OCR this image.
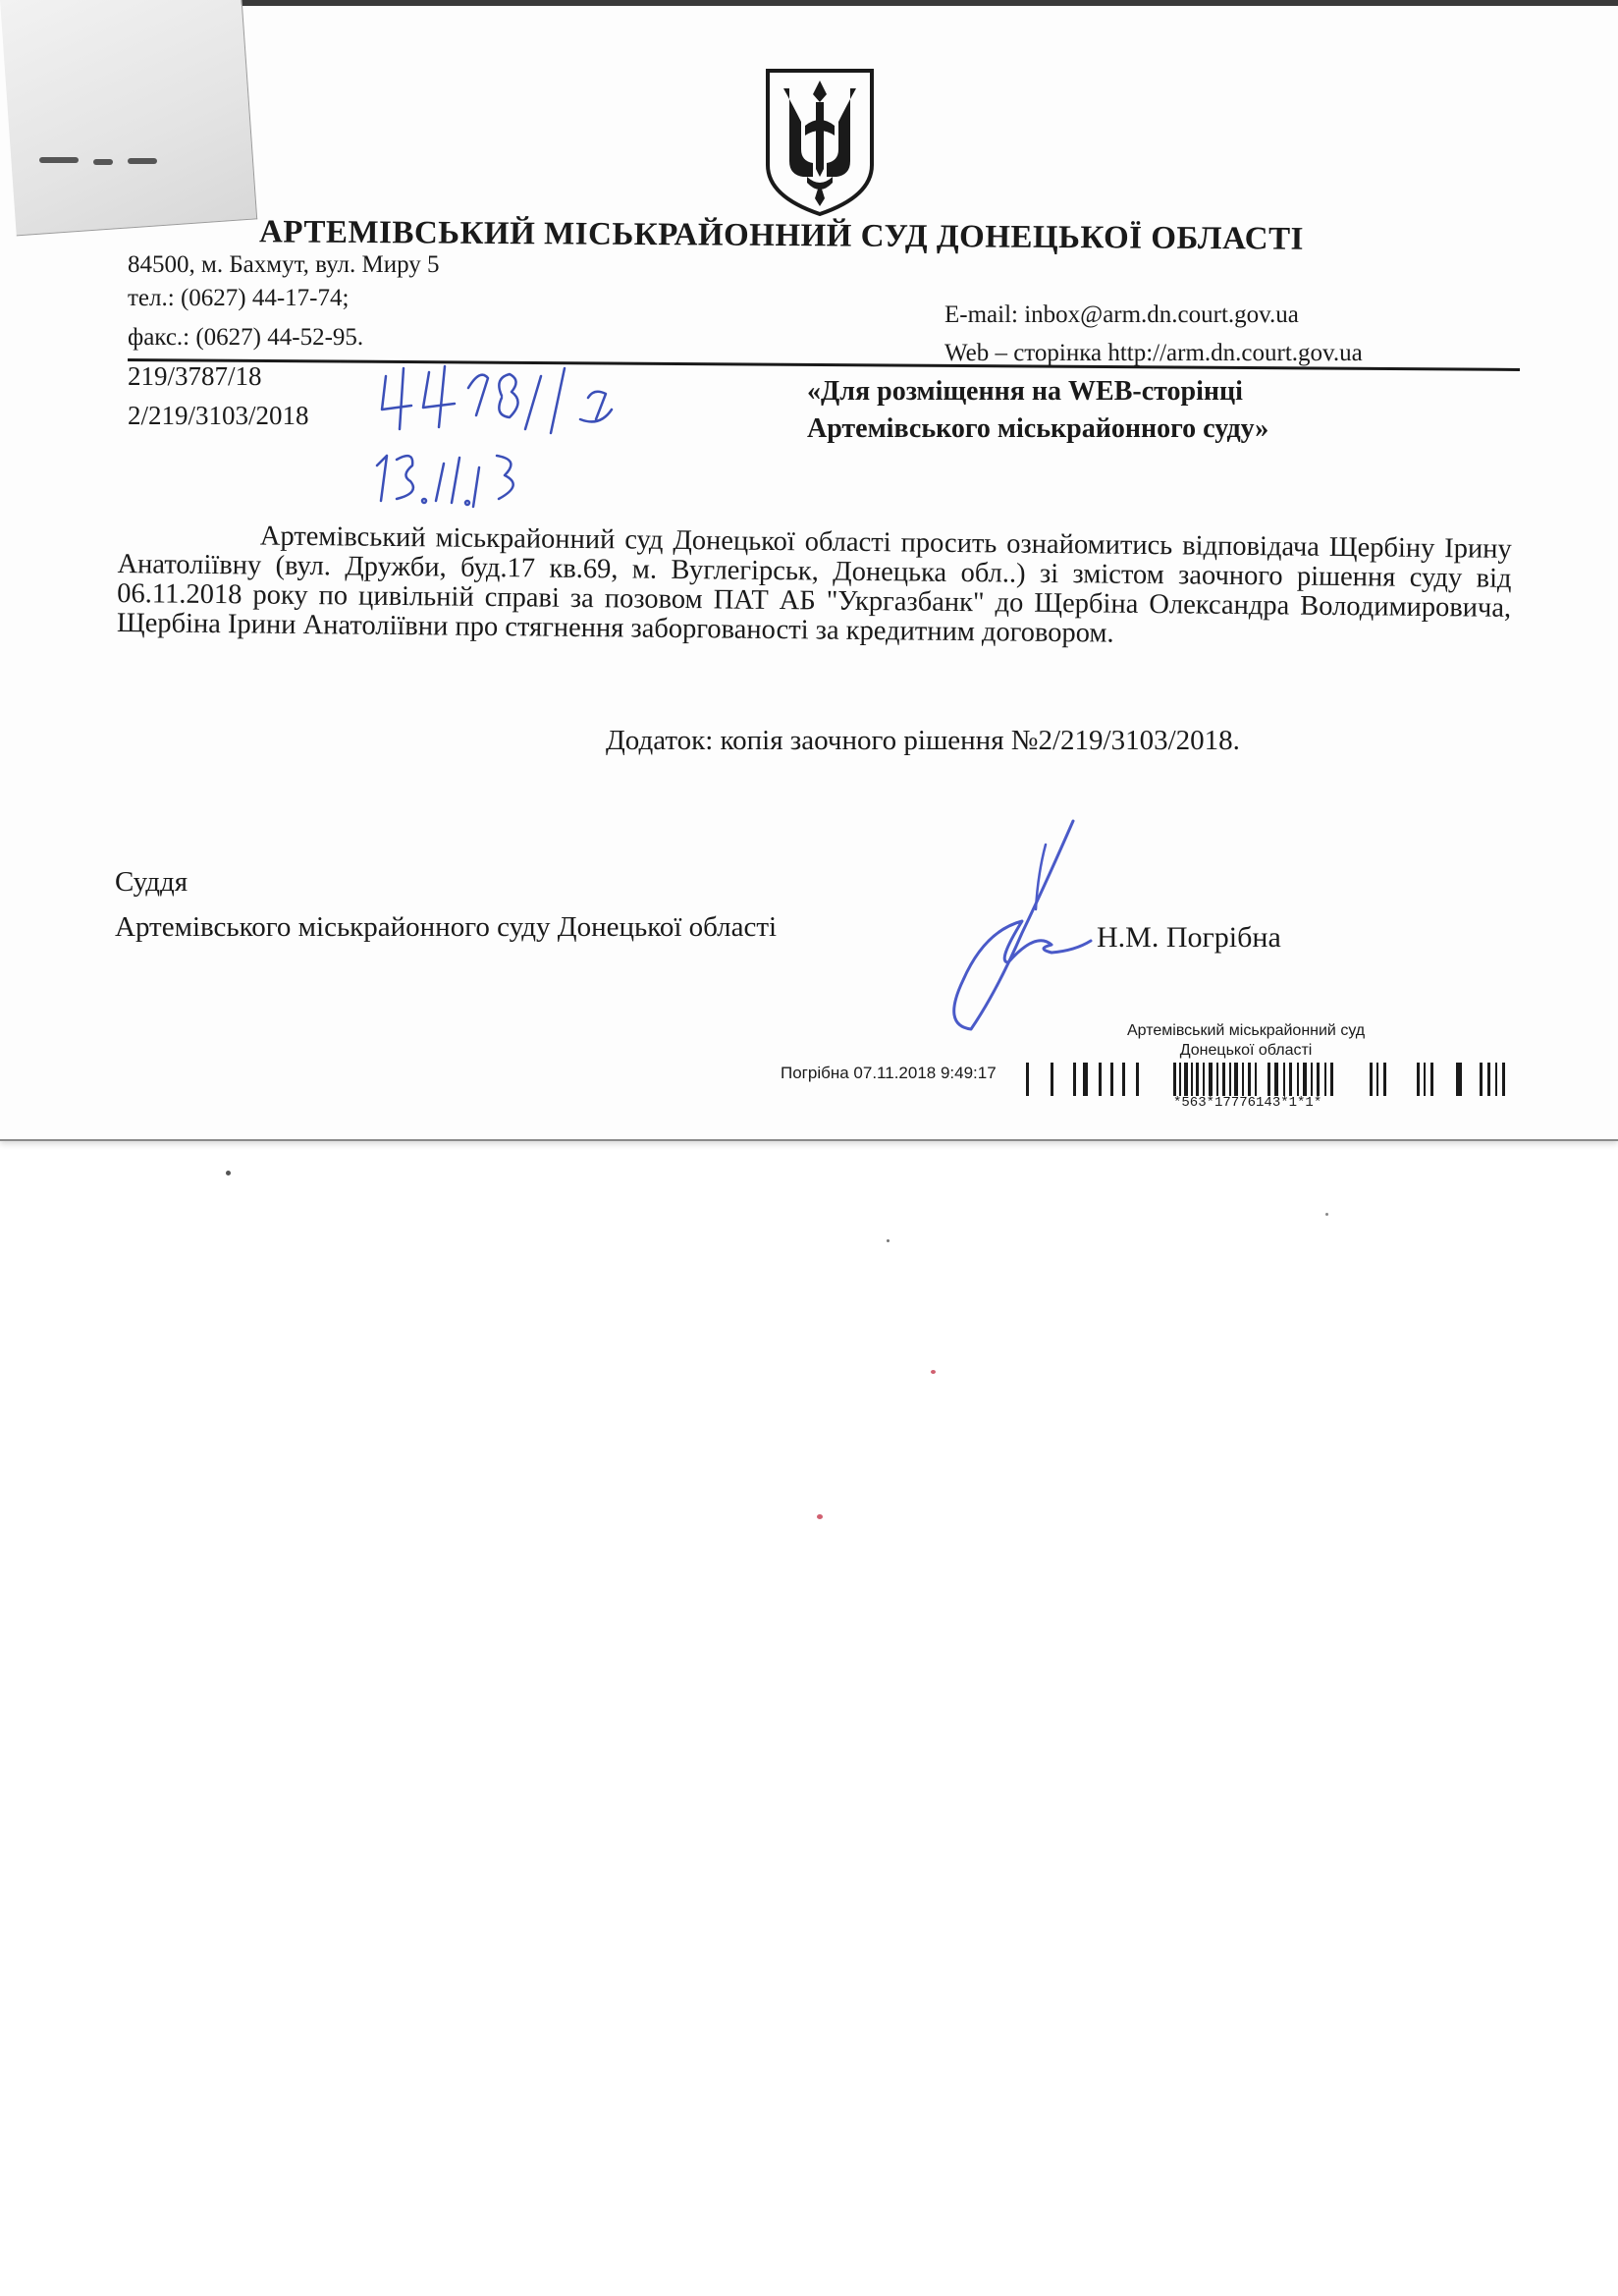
АРТЕМІВСЬКИЙ МІСЬКРАЙОННИЙ СУД ДОНЕЦЬКОЇ ОБЛАСТІ
84500, м. Бахмут, вул. Миру 5
тел.: (0627) 44-17-74;
факс.: (0627) 44-52-95.
E-mail: inbox@arm.dn.court.gov.ua
Web – сторінка http://arm.dn.court.gov.ua
219/3787/18
2/219/3103/2018
«Для розміщення на WEB-сторінці
Артемівського міськрайонного суду»
Артемівський міськрайонний суд Донецької області просить ознайомитись відповідача Щербіну Ірину Анатоліївну (вул. Дружби, буд.17 кв.69, м. Вуглегірськ, Донецька обл..) зі змістом заочного рішення суду від 06.11.2018 року по цивільній справі за позовом ПАТ АБ "Укргазбанк" до Щербіна Олександра Володимировича, Щербіна Ірини Анатоліївни про стягнення заборгованості за кредитним договором.
Додаток: копія заочного рішення №2/219/3103/2018.
Суддя
Артемівського міськрайонного суду Донецької області	Н.М. Погрібна
Артемівський міськрайонний суд
Донецької області
Погрібна 07.11.2018 9:49:17
*563*17776143*1*1*
